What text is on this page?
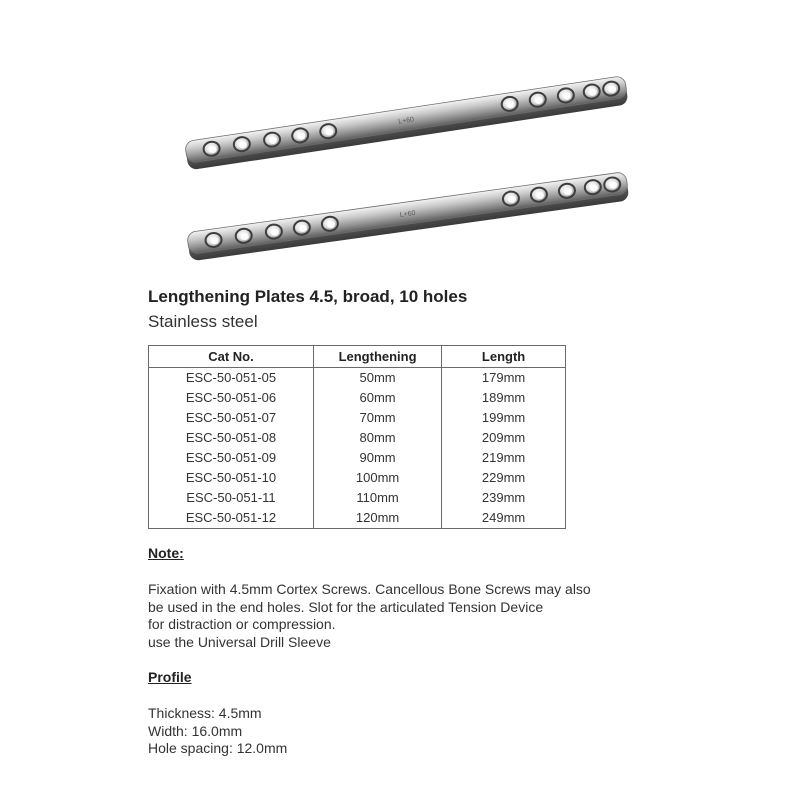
L+60
L+60
Lengthening Plates 4.5, broad, 10 holes

Stainless steel

Cat No.	Lengthening	Length
ESC-50-051-05	50mm	179mm
ESC-50-051-06	60mm	189mm
ESC-50-051-07	70mm	199mm
ESC-50-051-08	80mm	209mm
ESC-50-051-09	90mm	219mm
ESC-50-051-10	100mm	229mm
ESC-50-051-11	110mm	239mm
ESC-50-051-12	120mm	249mm

Note:

Fixation with 4.5mm Cortex Screws. Cancellous Bone Screws may also
be used in the end holes. Slot for the articulated Tension Device
for distraction or compression.
use the Universal Drill Sleeve

Profile

Thickness: 4.5mm
Width: 16.0mm
Hole spacing: 12.0mm
